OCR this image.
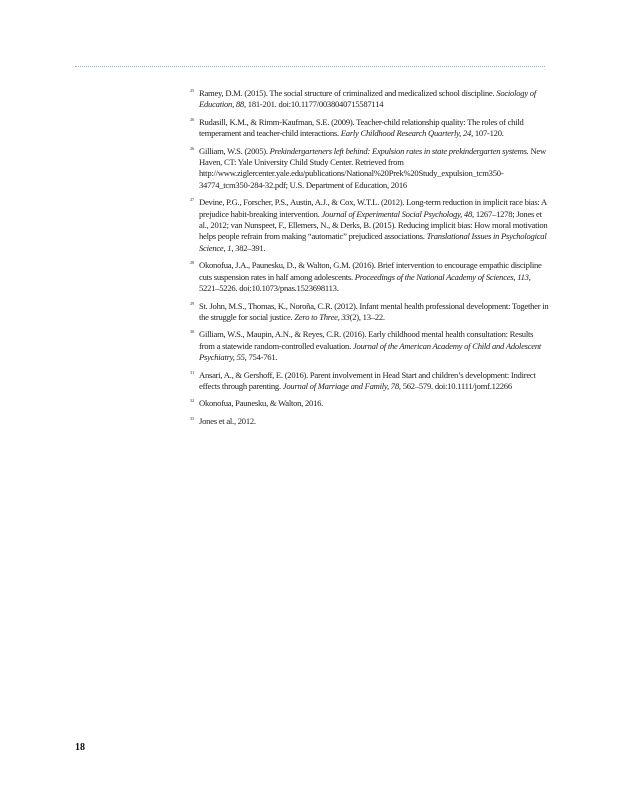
25 Ramey, D.M. (2015). The social structure of criminalized and medicalized school discipline. Sociology of Education, 88, 181-201. doi:10.1177/0038040715587114
26 Rudasill, K.M., & Rimm-Kaufman, S.E. (2009). Teacher-child relationship quality: The roles of child temperament and teacher-child interactions. Early Childhood Research Quarterly, 24, 107-120.
26 Gilliam, W.S. (2005). Prekindergarteners left behind: Expulsion rates in state prekindergarten systems. New Haven, CT: Yale University Child Study Center. Retrieved from http://www.ziglercenter.yale.edu/publications/National%20Prek%20Study_expulsion_tcm350-34774_tcm350-284-32.pdf; U.S. Department of Education, 2016
27 Devine, P.G., Forscher, P.S., Austin, A.J., & Cox, W.T.L. (2012). Long-term reduction in implicit race bias: A prejudice habit-breaking intervention. Journal of Experimental Social Psychology, 48, 1267–1278; Jones et al., 2012; van Nunspeet, F., Ellemers, N., & Derks, B. (2015). Reducing implicit bias: How moral motivation helps people refrain from making “automatic” prejudiced associations. Translational Issues in Psychological Science, 1, 382–391.
28 Okonofua, J.A., Paunesku, D., & Walton, G.M. (2016). Brief intervention to encourage empathic discipline cuts suspension rates in half among adolescents. Proceedings of the National Academy of Sciences, 113, 5221–5226. doi:10.1073/pnas.1523698113.
29 St. John, M.S., Thomas, K., Noroña, C.R. (2012). Infant mental health professional development: Together in the struggle for social justice. Zero to Three, 33(2), 13–22.
30 Gilliam, W.S., Maupin, A.N., & Reyes, C.R. (2016). Early childhood mental health consultation: Results from a statewide random-controlled evaluation. Journal of the American Academy of Child and Adolescent Psychiatry, 55, 754-761.
31 Ansari, A., & Gershoff, E. (2016). Parent involvement in Head Start and children’s development: Indirect effects through parenting. Journal of Marriage and Family, 78, 562–579. doi:10.1111/jomf.12266
32 Okonofua, Paunesku, & Walton, 2016.
33 Jones et al., 2012.
18
